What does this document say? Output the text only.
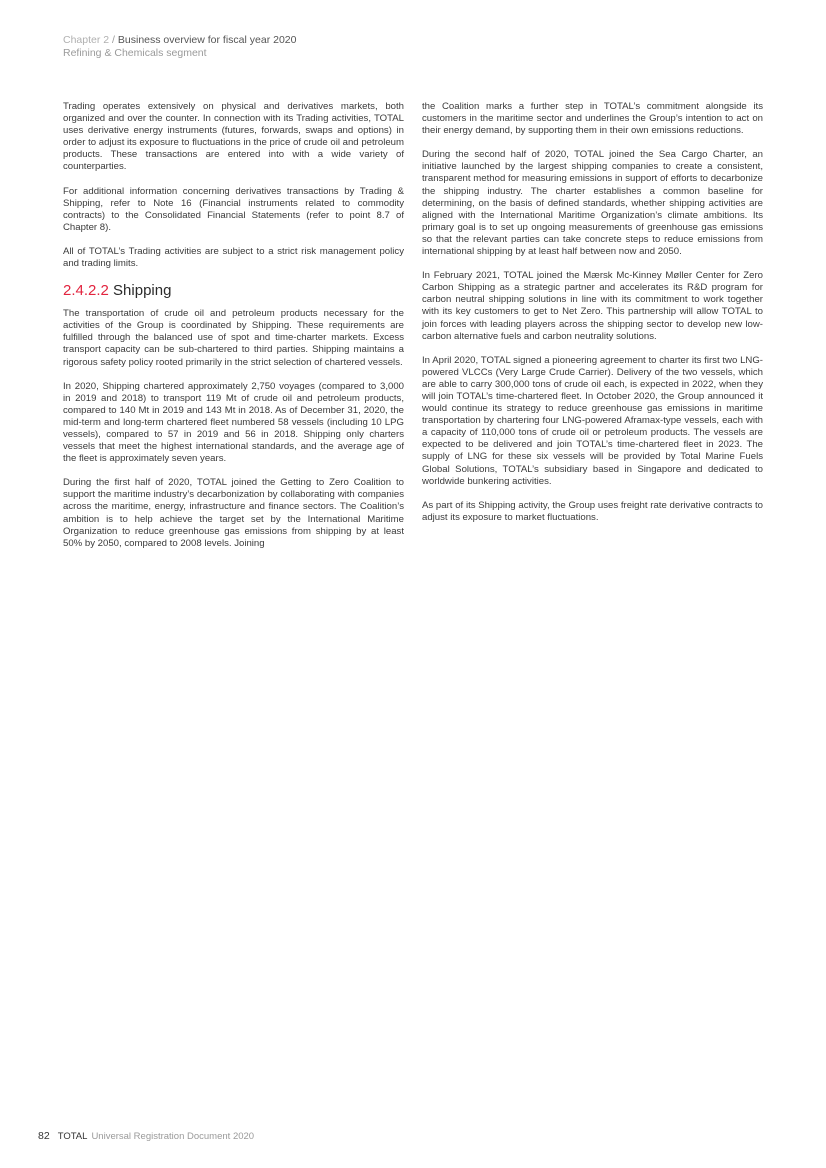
Chapter 2 / Business overview for fiscal year 2020
Refining & Chemicals segment

Trading operates extensively on physical and derivatives markets, both organized and over the counter. In connection with its Trading activities, TOTAL uses derivative energy instruments (futures, forwards, swaps and options) in order to adjust its exposure to fluctuations in the price of crude oil and petroleum products. These transactions are entered into with a wide variety of counterparties.

For additional information concerning derivatives transactions by Trading & Shipping, refer to Note 16 (Financial instruments related to commodity contracts) to the Consolidated Financial Statements (refer to point 8.7 of Chapter 8).

All of TOTAL’s Trading activities are subject to a strict risk management policy and trading limits.

2.4.2.2 Shipping

The transportation of crude oil and petroleum products necessary for the activities of the Group is coordinated by Shipping. These requirements are fulfilled through the balanced use of spot and time-charter markets. Excess transport capacity can be sub-chartered to third parties. Shipping maintains a rigorous safety policy rooted primarily in the strict selection of chartered vessels.

In 2020, Shipping chartered approximately 2,750 voyages (compared to 3,000 in 2019 and 2018) to transport 119 Mt of crude oil and petroleum products, compared to 140 Mt in 2019 and 143 Mt in 2018. As of December 31, 2020, the mid-term and long-term chartered fleet numbered 58 vessels (including 10 LPG vessels), compared to 57 in 2019 and 56 in 2018. Shipping only charters vessels that meet the highest international standards, and the average age of the fleet is approximately seven years.

During the first half of 2020, TOTAL joined the Getting to Zero Coalition to support the maritime industry’s decarbonization by collaborating with companies across the maritime, energy, infrastructure and finance sectors. The Coalition’s ambition is to help achieve the target set by the International Maritime Organization to reduce greenhouse gas emissions from shipping by at least 50% by 2050, compared to 2008 levels. Joining

the Coalition marks a further step in TOTAL’s commitment alongside its customers in the maritime sector and underlines the Group’s intention to act on their energy demand, by supporting them in their own emissions reductions.

During the second half of 2020, TOTAL joined the Sea Cargo Charter, an initiative launched by the largest shipping companies to create a consistent, transparent method for measuring emissions in support of efforts to decarbonize the shipping industry. The charter establishes a common baseline for determining, on the basis of defined standards, whether shipping activities are aligned with the International Maritime Organization’s climate ambitions. Its primary goal is to set up ongoing measurements of greenhouse gas emissions so that the relevant parties can take concrete steps to reduce emissions from international shipping by at least half between now and 2050.

In February 2021, TOTAL joined the Mærsk Mc-Kinney Møller Center for Zero Carbon Shipping as a strategic partner and accelerates its R&D program for carbon neutral shipping solutions in line with its commitment to work together with its key customers to get to Net Zero. This partnership will allow TOTAL to join forces with leading players across the shipping sector to develop new low-carbon alternative fuels and carbon neutrality solutions.

In April 2020, TOTAL signed a pioneering agreement to charter its first two LNG-powered VLCCs (Very Large Crude Carrier). Delivery of the two vessels, which are able to carry 300,000 tons of crude oil each, is expected in 2022, when they will join TOTAL’s time-chartered fleet. In October 2020, the Group announced it would continue its strategy to reduce greenhouse gas emissions in maritime transportation by chartering four LNG-powered Aframax-type vessels, each with a capacity of 110,000 tons of crude oil or petroleum products. The vessels are expected to be delivered and join TOTAL’s time-chartered fleet in 2023. The supply of LNG for these six vessels will be provided by Total Marine Fuels Global Solutions, TOTAL’s subsidiary based in Singapore and dedicated to worldwide bunkering activities.

As part of its Shipping activity, the Group uses freight rate derivative contracts to adjust its exposure to market fluctuations.

82 TOTAL Universal Registration Document 2020
